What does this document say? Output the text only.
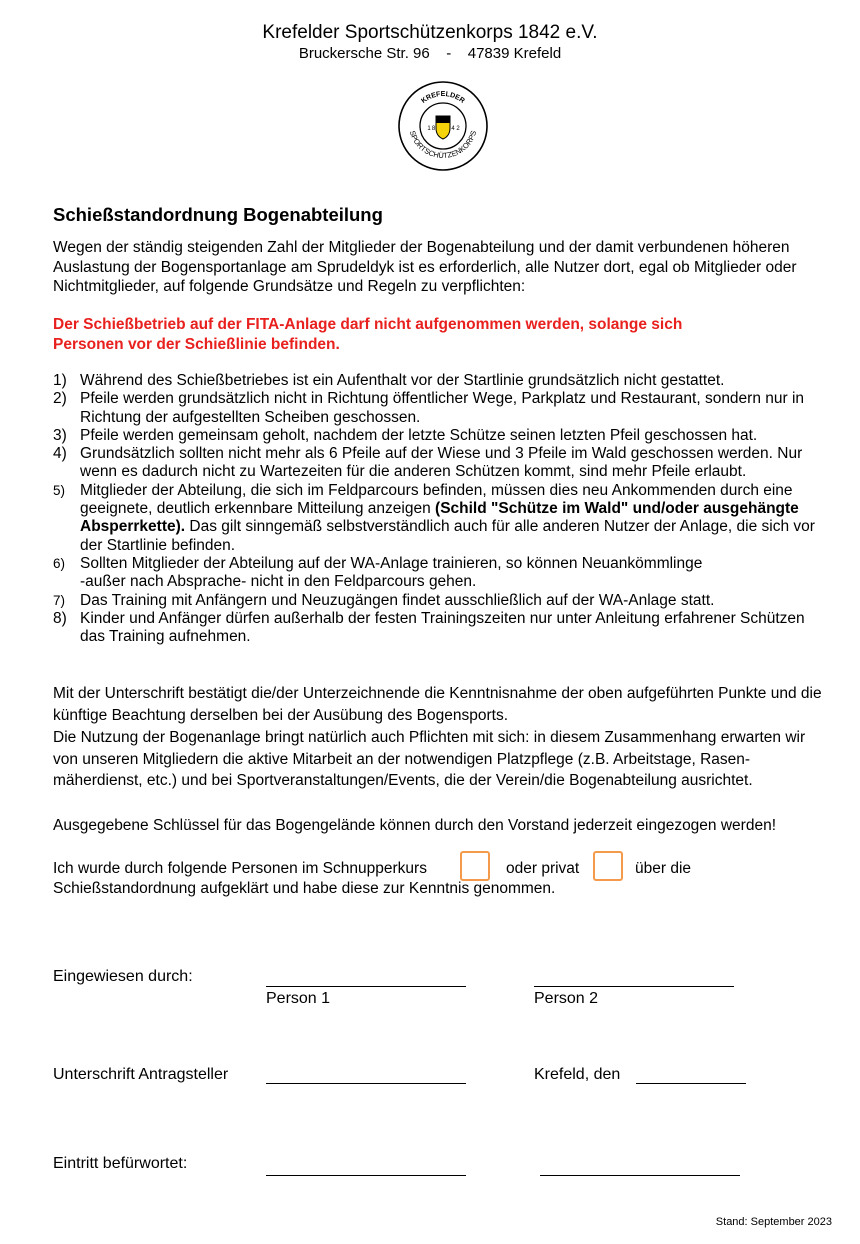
Krefelder Sportschützenkorps 1842 e.V.
Bruckersche Str. 96 - 47839 Krefeld
KREFELDER
SPORTSCHÜTZENKORPS
1 8	4 2
Schießstandordnung Bogenabteilung
Wegen der ständig steigenden Zahl der Mitglieder der Bogenabteilung und der damit verbundenen höheren Auslastung der Bogensportanlage am Sprudeldyk ist es erforderlich, alle Nutzer dort, egal ob Mitglieder oder Nichtmitglieder, auf folgende Grundsätze und Regeln zu verpflichten:
Der Schießbetrieb auf der FITA-Anlage darf nicht aufgenommen werden, solange sich Personen vor der Schießlinie befinden.
1) Während des Schießbetriebes ist ein Aufenthalt vor der Startlinie grundsätzlich nicht gestattet.
2) Pfeile werden grundsätzlich nicht in Richtung öffentlicher Wege, Parkplatz und Restaurant, sondern nur in Richtung der aufgestellten Scheiben geschossen.
3) Pfeile werden gemeinsam geholt, nachdem der letzte Schütze seinen letzten Pfeil geschossen hat.
4) Grundsätzlich sollten nicht mehr als 6 Pfeile auf der Wiese und 3 Pfeile im Wald geschossen werden. Nur wenn es dadurch nicht zu Wartezeiten für die anderen Schützen kommt, sind mehr Pfeile erlaubt.
5) Mitglieder der Abteilung, die sich im Feldparcours befinden, müssen dies neu Ankommenden durch eine geeignete, deutlich erkennbare Mitteilung anzeigen (Schild "Schütze im Wald" und/oder ausgehängte Absperrkette). Das gilt sinngemäß selbstverständlich auch für alle anderen Nutzer der Anlage, die sich vor der Startlinie befinden.
6) Sollten Mitglieder der Abteilung auf der WA-Anlage trainieren, so können Neuankömmlinge
-außer nach Absprache- nicht in den Feldparcours gehen.
7) Das Training mit Anfängern und Neuzugängen findet ausschließlich auf der WA-Anlage statt.
8) Kinder und Anfänger dürfen außerhalb der festen Trainingszeiten nur unter Anleitung erfahrener Schützen das Training aufnehmen.
Mit der Unterschrift bestätigt die/der Unterzeichnende die Kenntnisnahme der oben aufgeführten Punkte und die künftige Beachtung derselben bei der Ausübung des Bogensports.
Die Nutzung der Bogenanlage bringt natürlich auch Pflichten mit sich: in diesem Zusammenhang erwarten wir von unseren Mitgliedern die aktive Mitarbeit an der notwendigen Platzpflege (z.B. Arbeitstage, Rasen-mäherdienst, etc.) und bei Sportveranstaltungen/Events, die der Verein/die Bogenabteilung ausrichtet.
Ausgegebene Schlüssel für das Bogengelände können durch den Vorstand jederzeit eingezogen werden!
Ich wurde durch folgende Personen im Schnupperkurs	oder privat	über die
Schießstandordnung aufgeklärt und habe diese zur Kenntnis genommen.
Eingewiesen durch:
Person 1	Person 2
Unterschrift Antragsteller	Krefeld, den
Eintritt befürwortet:
Stand: September 2023
